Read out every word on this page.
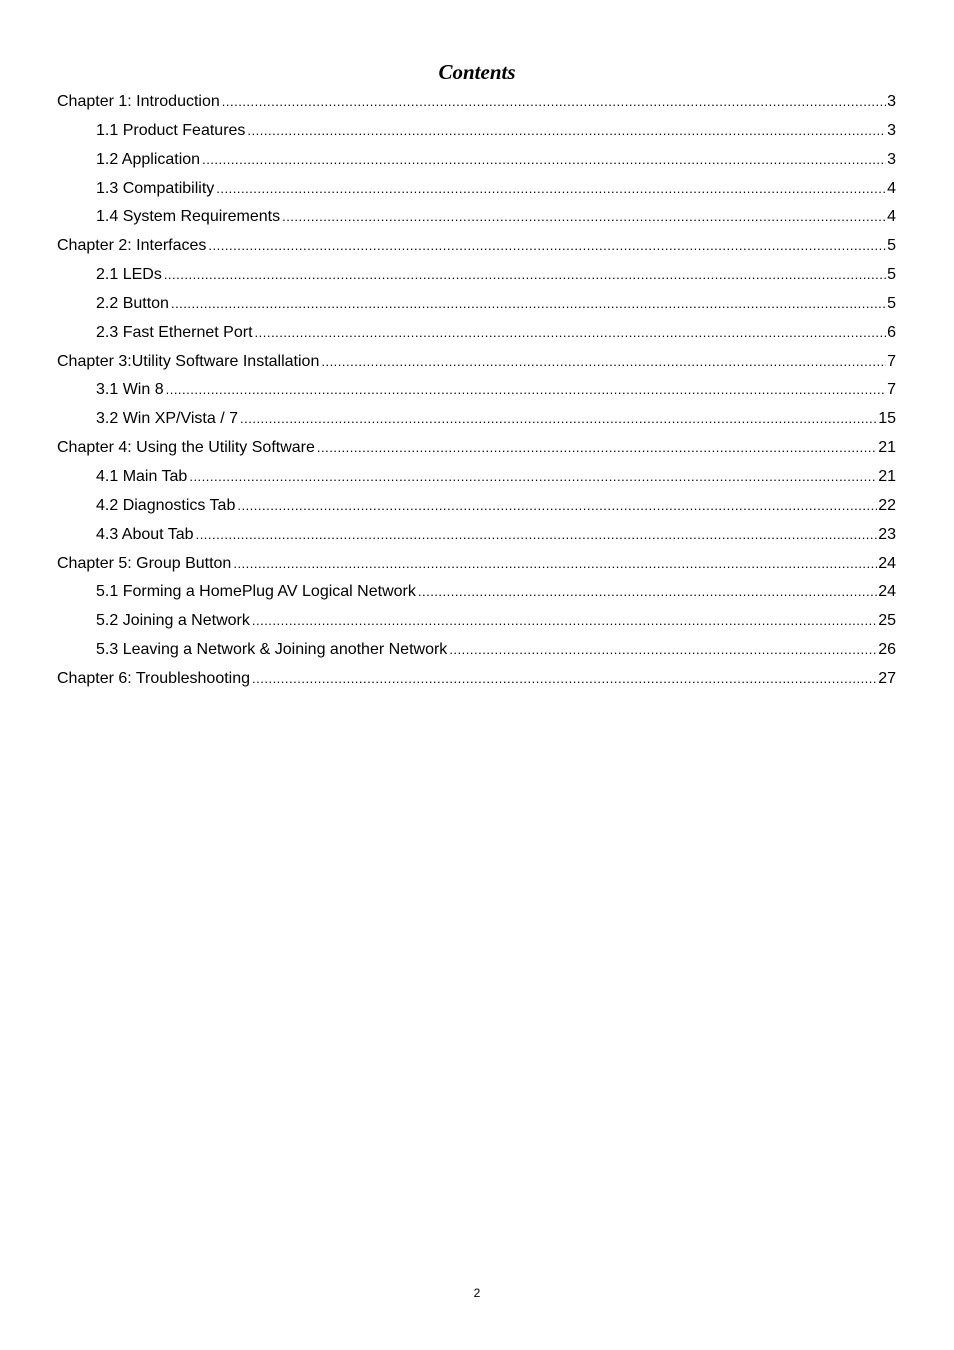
Contents
Chapter 1: Introduction .....	3
1.1 Product Features .....	3
1.2 Application .....	3
1.3 Compatibility .....	4
1.4 System Requirements .....	4
Chapter 2: Interfaces .....	5
2.1 LEDs .....	5
2.2 Button .....	5
2.3 Fast Ethernet Port .....	6
Chapter 3:Utility Software Installation .....	7
3.1 Win 8 .....	7
3.2 Win XP/Vista / 7 .....	15
Chapter 4: Using the Utility Software .....	21
4.1 Main Tab .....	21
4.2 Diagnostics Tab .....	22
4.3 About Tab .....	23
Chapter 5: Group Button .....	24
5.1 Forming a HomePlug AV Logical Network .....	24
5.2 Joining a Network .....	25
5.3 Leaving a Network & Joining another Network .....	26
Chapter 6: Troubleshooting .....	27
2
